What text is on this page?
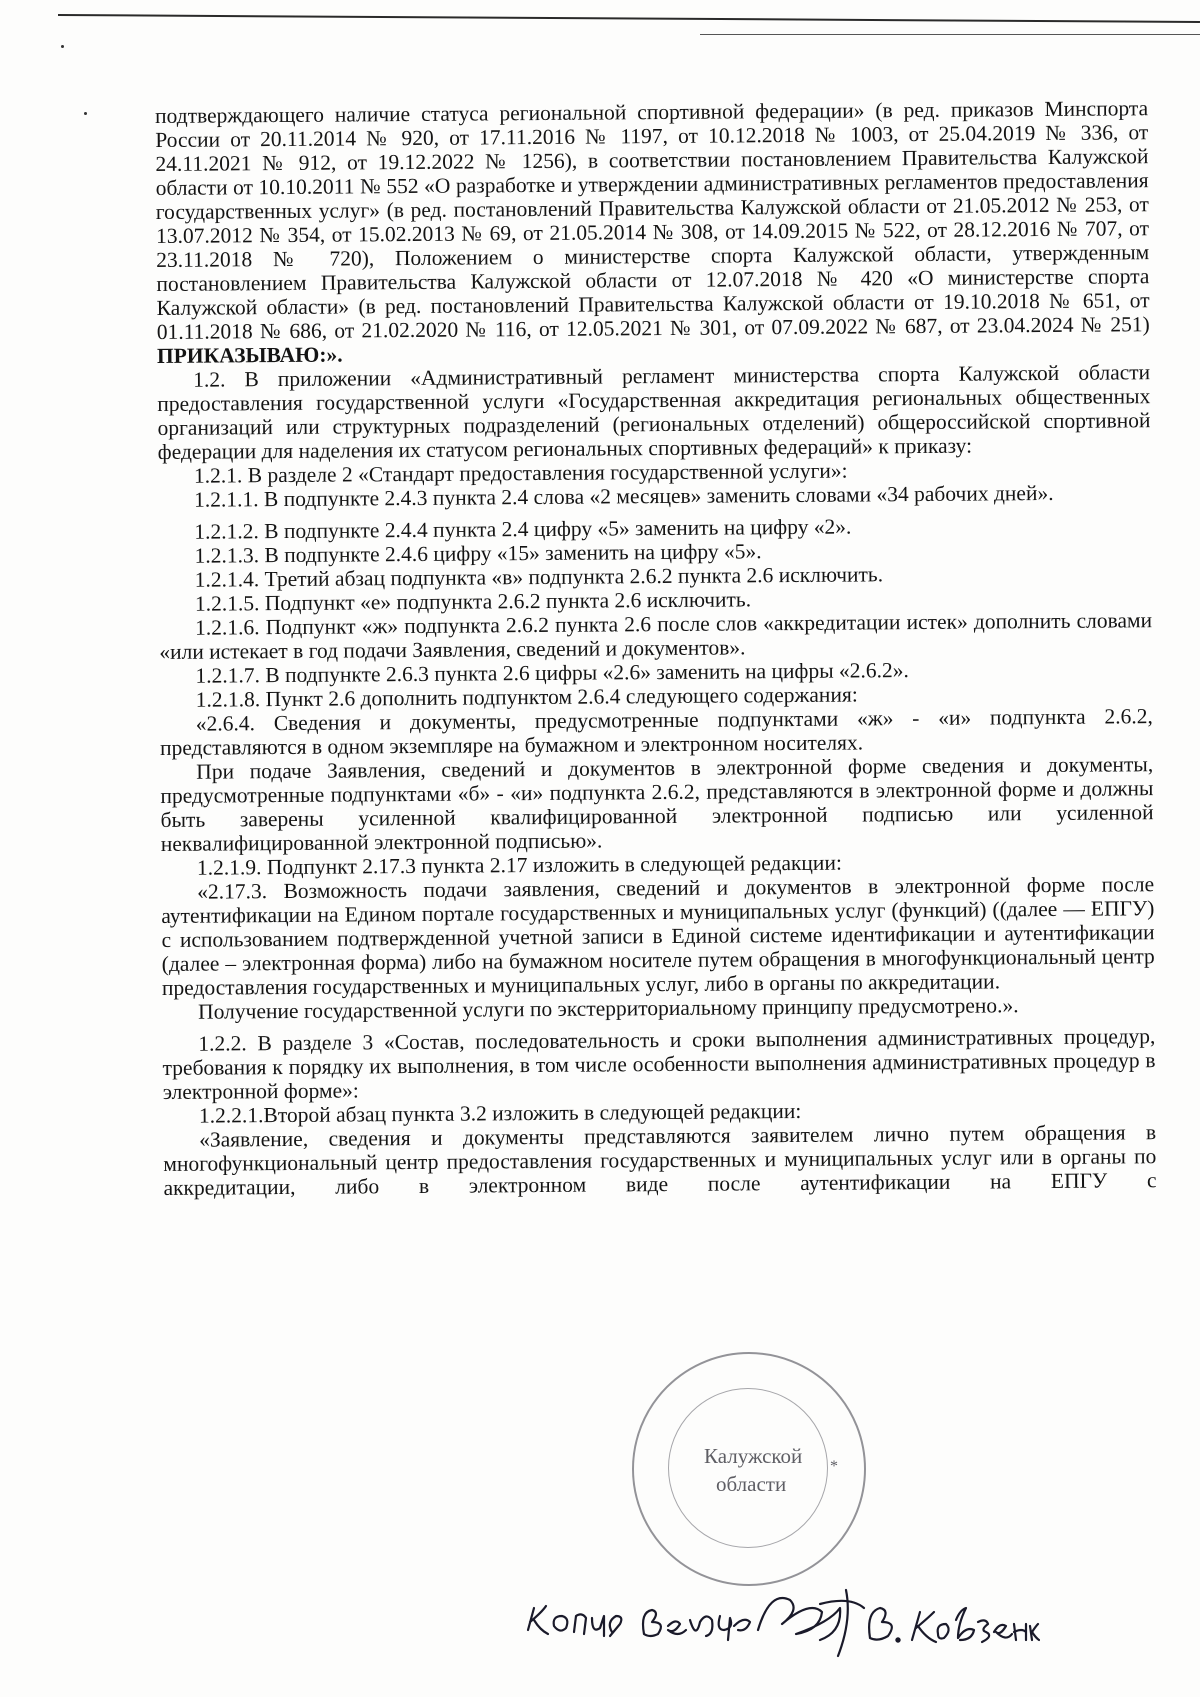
подтверждающего наличие статуса региональной спортивной федерации» (в ред. приказов Минспорта России от 20.11.2014 № 920, от 17.11.2016 № 1197, от 10.12.2018 № 1003, от 25.04.2019 № 336, от 24.11.2021 № 912, от 19.12.2022 № 1256), в соответствии постановлением Правительства Калужской области от 10.10.2011 № 552 «О разработке и утверждении административных регламентов предоставления государственных услуг» (в ред. постановлений Правительства Калужской области от 21.05.2012 № 253, от 13.07.2012 № 354, от 15.02.2013 № 69, от 21.05.2014 № 308, от 14.09.2015 № 522, от 28.12.2016 № 707, от 23.11.2018 № 720), Положением о министерстве спорта Калужской области, утвержденным постановлением Правительства Калужской области от 12.07.2018 № 420 «О министерстве спорта Калужской области» (в ред. постановлений Правительства Калужской области от 19.10.2018 № 651, от 01.11.2018 № 686, от 21.02.2020 № 116, от 12.05.2021 № 301, от 07.09.2022 № 687, от 23.04.2024 № 251) ПРИКАЗЫВАЮ:».

1.2. В приложении «Административный регламент министерства спорта Калужской области предоставления государственной услуги «Государственная аккредитация региональных общественных организаций или структурных подразделений (региональных отделений) общероссийской спортивной федерации для наделения их статусом региональных спортивных федераций» к приказу:

1.2.1. В разделе 2 «Стандарт предоставления государственной услуги»:

1.2.1.1. В подпункте 2.4.3 пункта 2.4 слова «2 месяцев» заменить словами «34 рабочих дней».

1.2.1.2. В подпункте 2.4.4 пункта 2.4 цифру «5» заменить на цифру «2».

1.2.1.3. В подпункте 2.4.6 цифру «15» заменить на цифру «5».

1.2.1.4. Третий абзац подпункта «в» подпункта 2.6.2 пункта 2.6 исключить.

1.2.1.5. Подпункт «е» подпункта 2.6.2 пункта 2.6 исключить.

1.2.1.6. Подпункт «ж» подпункта 2.6.2 пункта 2.6 после слов «аккредитации истек» дополнить словами «или истекает в год подачи Заявления, сведений и документов».

1.2.1.7. В подпункте 2.6.3 пункта 2.6 цифры «2.6» заменить на цифры «2.6.2».

1.2.1.8. Пункт 2.6 дополнить подпунктом 2.6.4 следующего содержания:

«2.6.4. Сведения и документы, предусмотренные подпунктами «ж» - «и» подпункта 2.6.2, представляются в одном экземпляре на бумажном и электронном носителях.

При подаче Заявления, сведений и документов в электронной форме сведения и документы, предусмотренные подпунктами «б» - «и» подпункта 2.6.2, представляются в электронной форме и должны быть заверены усиленной квалифицированной электронной подписью или усиленной неквалифицированной электронной подписью».

1.2.1.9. Подпункт 2.17.3 пункта 2.17 изложить в следующей редакции:

«2.17.3. Возможность подачи заявления, сведений и документов в электронной форме после аутентификации на Едином портале государственных и муниципальных услуг (функций) ((далее — ЕПГУ) с использованием подтвержденной учетной записи в Единой системе идентификации и аутентификации (далее – электронная форма) либо на бумажном носителе путем обращения в многофункциональный центр предоставления государственных и муниципальных услуг, либо в органы по аккредитации.

Получение государственной услуги по экстерриториальному принципу предусмотрено.».

1.2.2. В разделе 3 «Состав, последовательность и сроки выполнения административных процедур, требования к порядку их выполнения, в том числе особенности выполнения административных процедур в электронной форме»:

1.2.2.1.Второй абзац пункта 3.2 изложить в следующей редакции:

«Заявление, сведения и документы представляются заявителем лично путем обращения в многофункциональный центр предоставления государственных и муниципальных услуг или в органы по аккредитации, либо в электронном виде после аутентификации на ЕПГУ с

Калужской
области
*
